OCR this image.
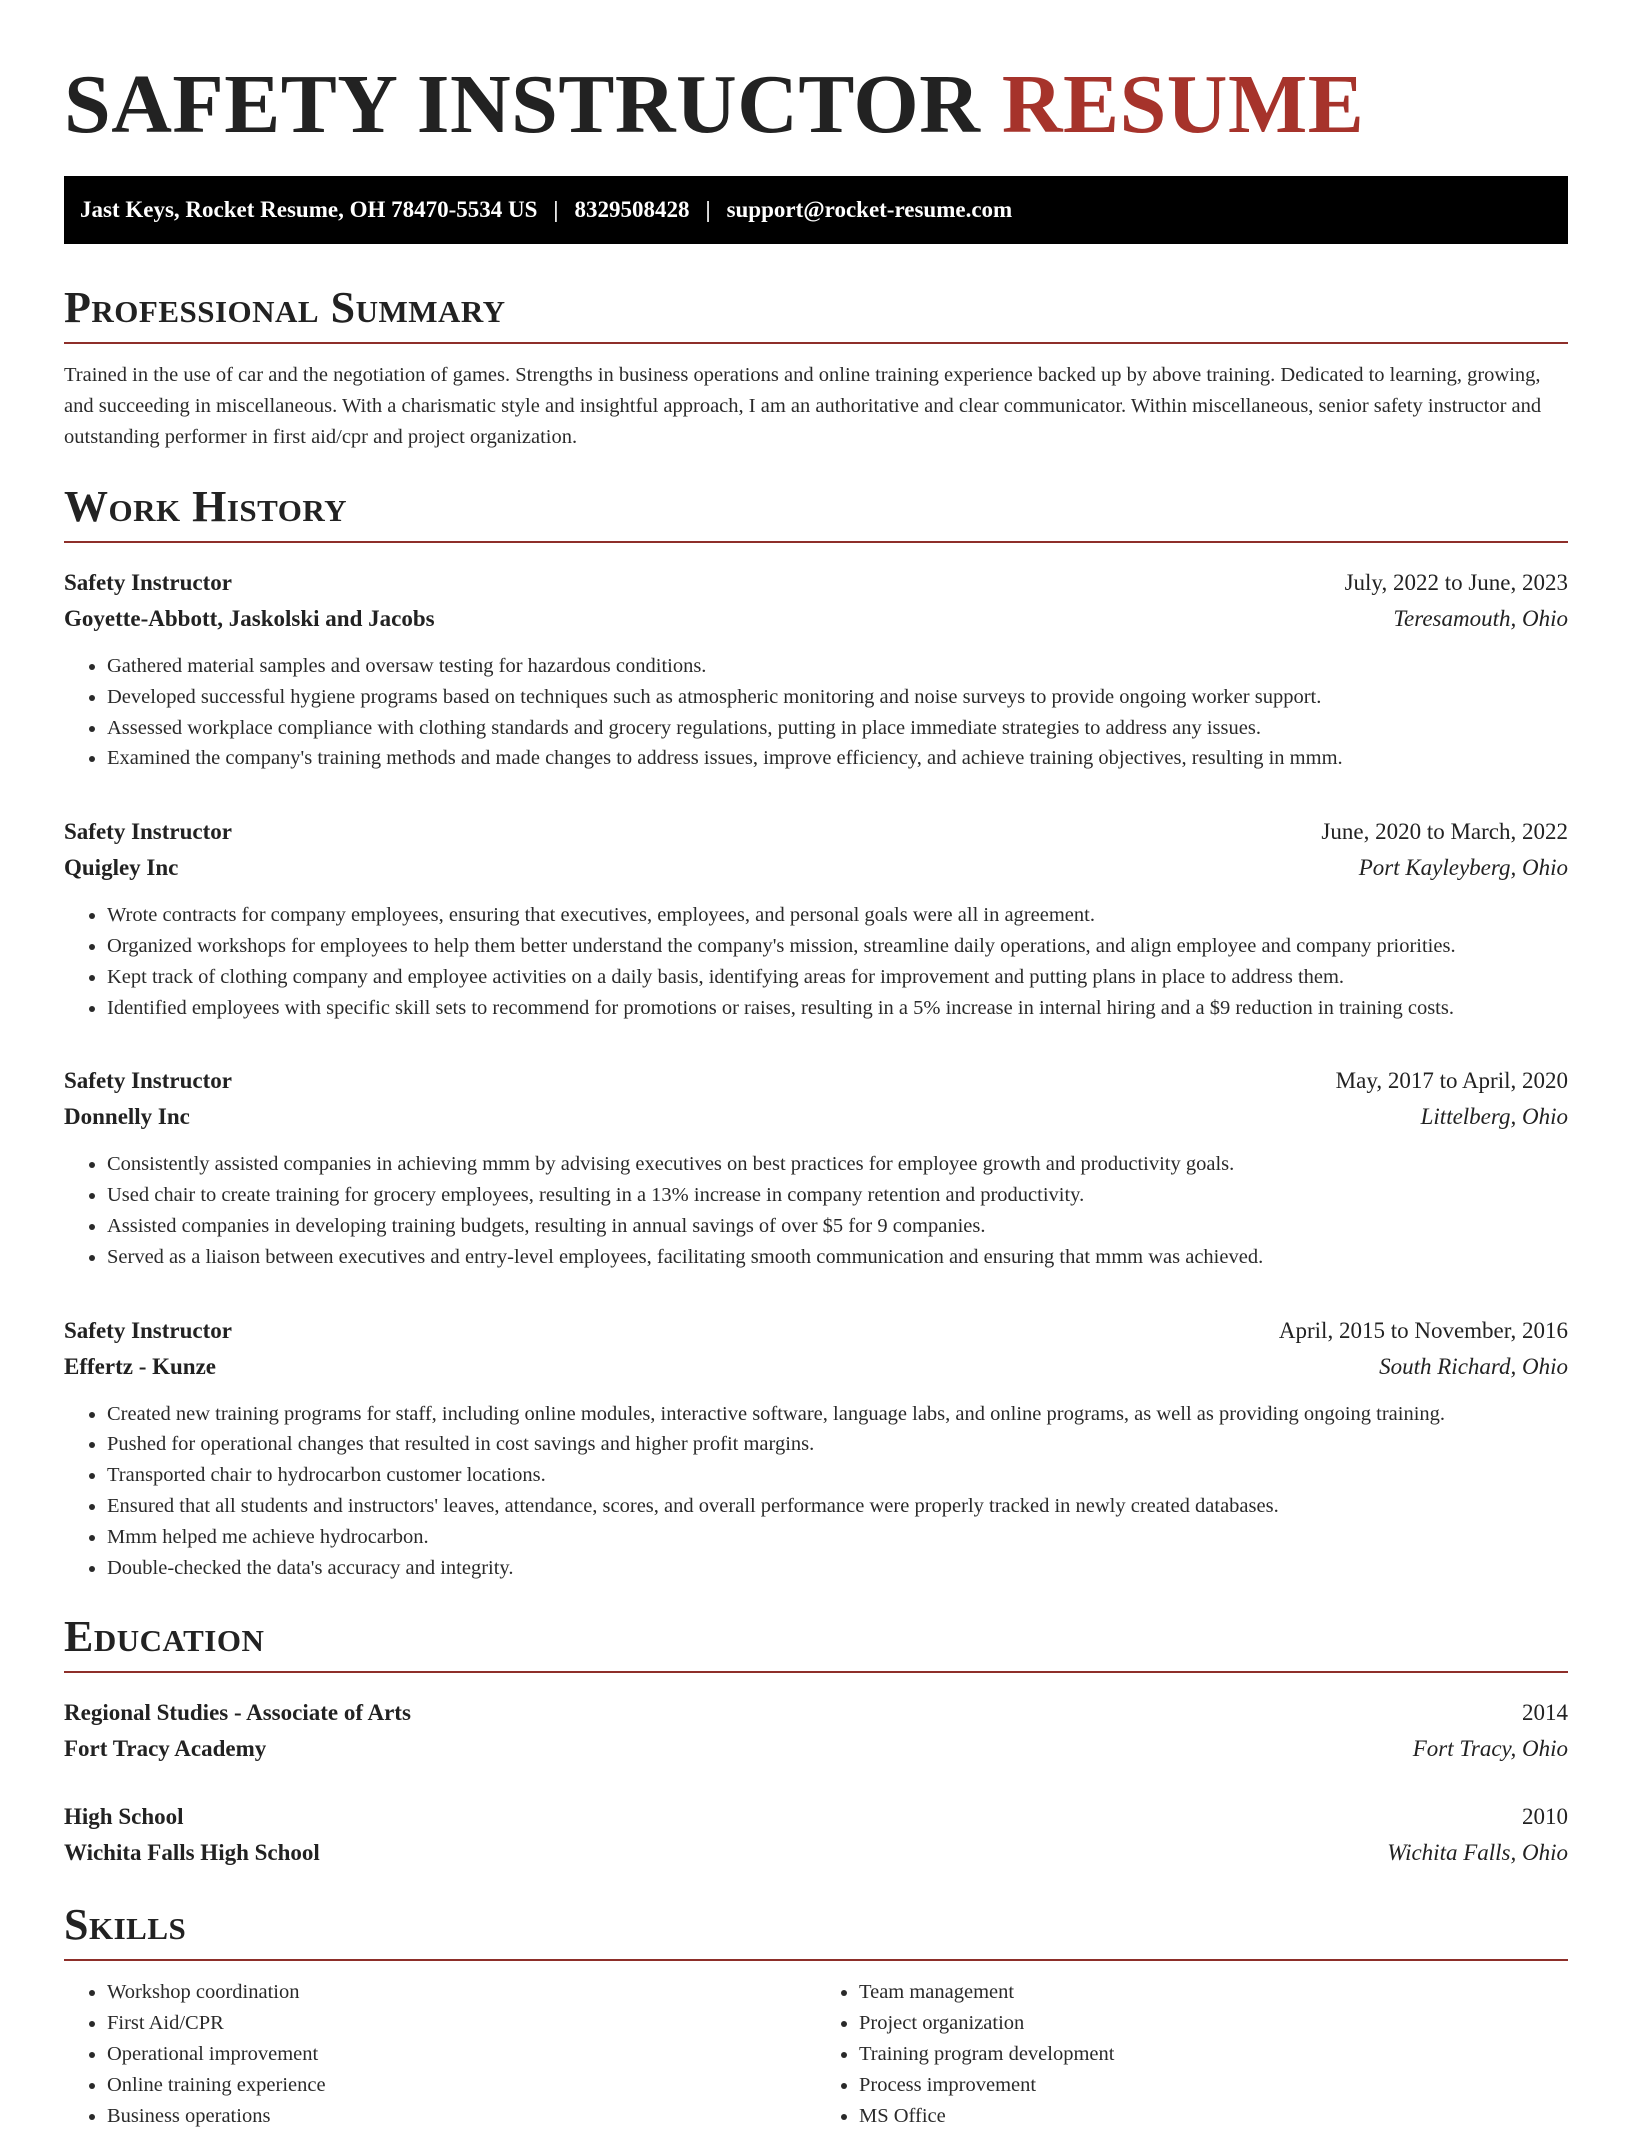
SAFETY INSTRUCTOR RESUME
Jast Keys, Rocket Resume, OH 78470-5534 US | 8329508428 | support@rocket-resume.com
Professional Summary

Trained in the use of car and the negotiation of games. Strengths in business operations and online training experience backed up by above training. Dedicated to learning, growing, and succeeding in miscellaneous. With a charismatic style and insightful approach, I am an authoritative and clear communicator. Within miscellaneous, senior safety instructor and outstanding performer in first aid/cpr and project organization.

Work History
Safety Instructor	July, 2022 to June, 2023
Goyette-Abbott, Jaskolski and Jacobs	Teresamouth, Ohio
• Gathered material samples and oversaw testing for hazardous conditions.
• Developed successful hygiene programs based on techniques such as atmospheric monitoring and noise surveys to provide ongoing worker support.
• Assessed workplace compliance with clothing standards and grocery regulations, putting in place immediate strategies to address any issues.
• Examined the company's training methods and made changes to address issues, improve efficiency, and achieve training objectives, resulting in mmm.
Safety Instructor	June, 2020 to March, 2022
Quigley Inc	Port Kayleyberg, Ohio
• Wrote contracts for company employees, ensuring that executives, employees, and personal goals were all in agreement.
• Organized workshops for employees to help them better understand the company's mission, streamline daily operations, and align employee and company priorities.
• Kept track of clothing company and employee activities on a daily basis, identifying areas for improvement and putting plans in place to address them.
• Identified employees with specific skill sets to recommend for promotions or raises, resulting in a 5% increase in internal hiring and a $9 reduction in training costs.
Safety Instructor	May, 2017 to April, 2020
Donnelly Inc	Littelberg, Ohio
• Consistently assisted companies in achieving mmm by advising executives on best practices for employee growth and productivity goals.
• Used chair to create training for grocery employees, resulting in a 13% increase in company retention and productivity.
• Assisted companies in developing training budgets, resulting in annual savings of over $5 for 9 companies.
• Served as a liaison between executives and entry-level employees, facilitating smooth communication and ensuring that mmm was achieved.
Safety Instructor	April, 2015 to November, 2016
Effertz - Kunze	South Richard, Ohio
• Created new training programs for staff, including online modules, interactive software, language labs, and online programs, as well as providing ongoing training.
• Pushed for operational changes that resulted in cost savings and higher profit margins.
• Transported chair to hydrocarbon customer locations.
• Ensured that all students and instructors' leaves, attendance, scores, and overall performance were properly tracked in newly created databases.
• Mmm helped me achieve hydrocarbon.
• Double-checked the data's accuracy and integrity.
Education
Regional Studies - Associate of Arts	2014
Fort Tracy Academy	Fort Tracy, Ohio
High School	2010
Wichita Falls High School	Wichita Falls, Ohio
Skills
• Workshop coordination
• First Aid/CPR
• Operational improvement
• Online training experience
• Business operations
• Team management
• Project organization
• Training program development
• Process improvement
• MS Office
